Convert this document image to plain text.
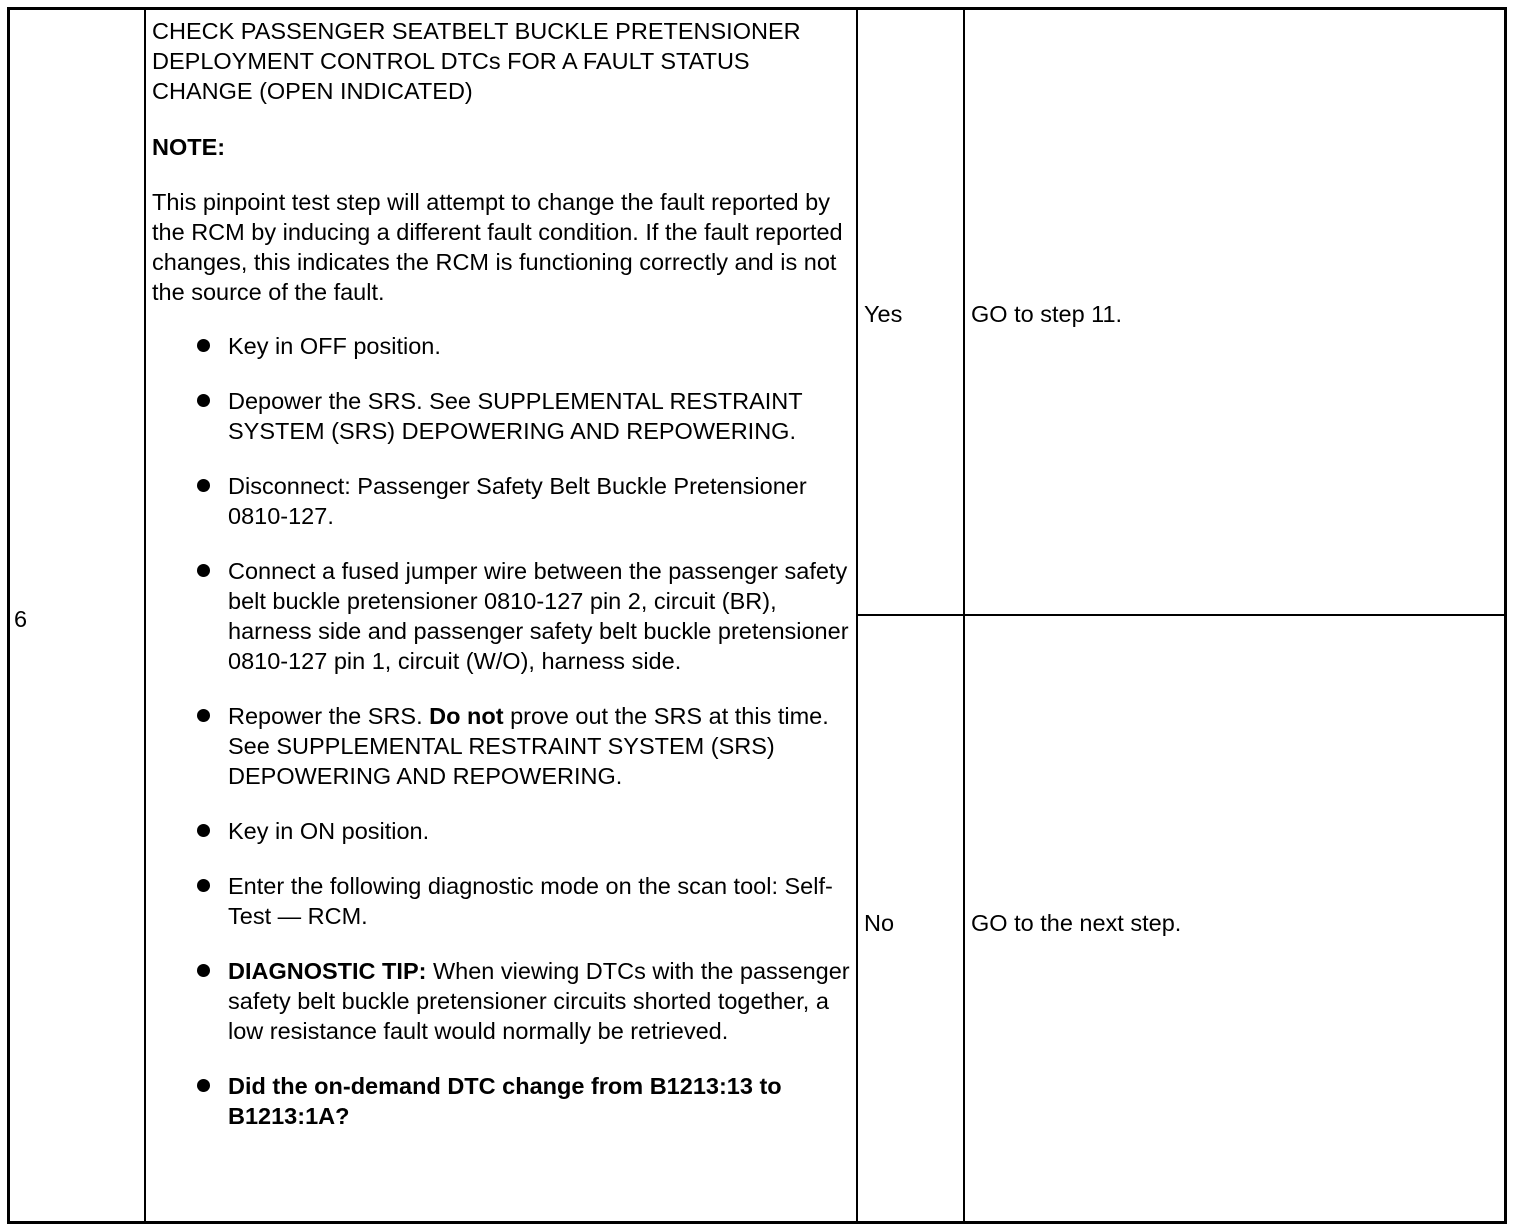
6
CHECK PASSENGER SEATBELT BUCKLE PRETENSIONER DEPLOYMENT CONTROL DTCs FOR A FAULT STATUS CHANGE (OPEN INDICATED)
NOTE:
This pinpoint test step will attempt to change the fault reported by the RCM by inducing a different fault condition. If the fault reported changes, this indicates the RCM is functioning correctly and is not the source of the fault.
Key in OFF position.
Depower the SRS. See SUPPLEMENTAL RESTRAINT SYSTEM (SRS) DEPOWERING AND REPOWERING.
Disconnect: Passenger Safety Belt Buckle Pretensioner 0810-127.
Connect a fused jumper wire between the passenger safety belt buckle pretensioner 0810-127 pin 2, circuit (BR), harness side and passenger safety belt buckle pretensioner 0810-127 pin 1, circuit (W/O), harness side.
Repower the SRS. Do not prove out the SRS at this time. See SUPPLEMENTAL RESTRAINT SYSTEM (SRS) DEPOWERING AND REPOWERING.
Key in ON position.
Enter the following diagnostic mode on the scan tool: Self-Test — RCM.
DIAGNOSTIC TIP: When viewing DTCs with the passenger safety belt buckle pretensioner circuits shorted together, a low resistance fault would normally be retrieved.
Did the on-demand DTC change from B1213:13 to B1213:1A?
Yes	GO to step 11.
No	GO to the next step.
